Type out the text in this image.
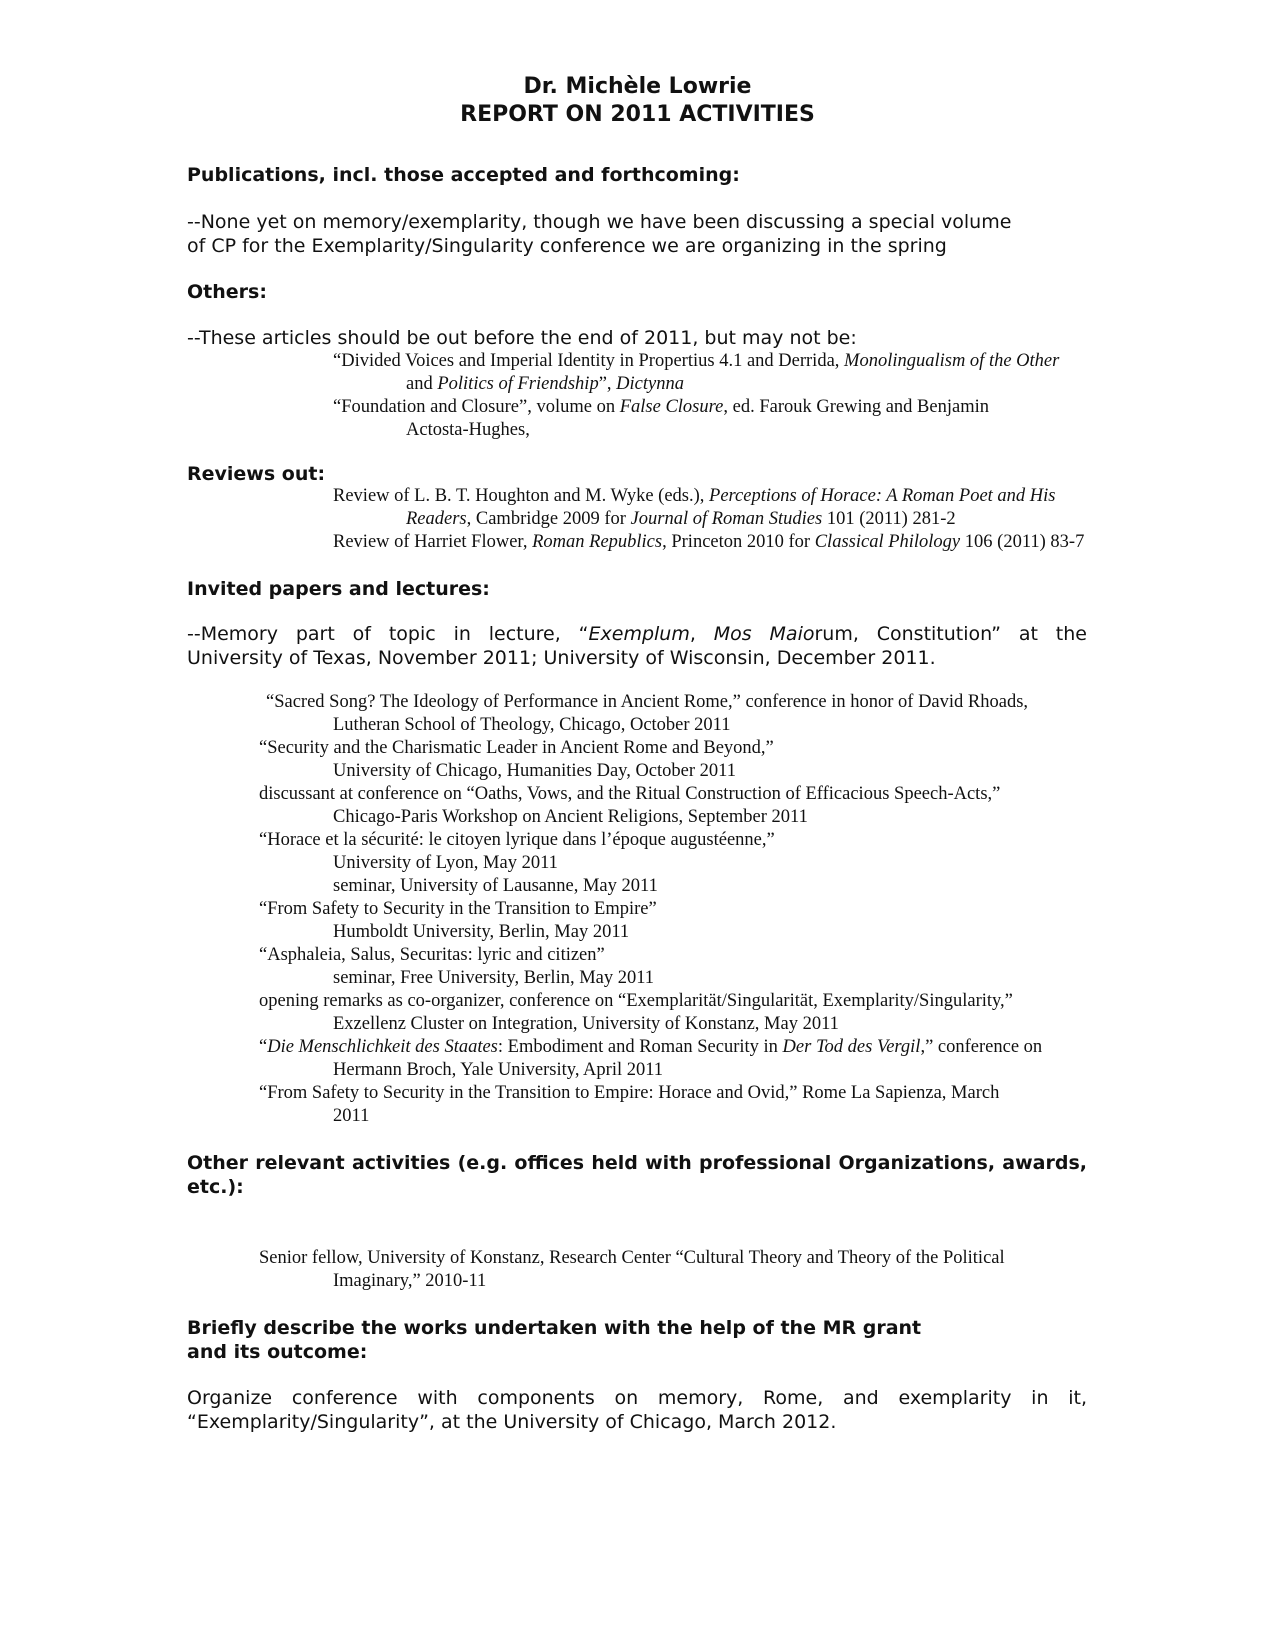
Dr. Michèle Lowrie
REPORT ON 2011 ACTIVITIES
Publications, incl. those accepted and forthcoming:
--None yet on memory/exemplarity, though we have been discussing a special volume
of CP for the Exemplarity/Singularity conference we are organizing in the spring
Others:
--These articles should be out before the end of 2011, but may not be:
“Divided Voices and Imperial Identity in Propertius 4.1 and Derrida, Monolingualism of the Other
and Politics of Friendship”, Dictynna
“Foundation and Closure”, volume on False Closure, ed. Farouk Grewing and Benjamin
Actosta-Hughes,
Reviews out:
Review of L. B. T. Houghton and M. Wyke (eds.), Perceptions of Horace: A Roman Poet and His
Readers, Cambridge 2009 for Journal of Roman Studies 101 (2011) 281-2
Review of Harriet Flower, Roman Republics, Princeton 2010 for Classical Philology 106 (2011) 83-7
Invited papers and lectures:
--Memory part of topic in lecture, “Exemplum, Mos Maiorum, Constitution” at the
University of Texas, November 2011; University of Wisconsin, December 2011.
“Sacred Song? The Ideology of Performance in Ancient Rome,” conference in honor of David Rhoads,
Lutheran School of Theology, Chicago, October 2011
“Security and the Charismatic Leader in Ancient Rome and Beyond,”
University of Chicago, Humanities Day, October 2011
discussant at conference on “Oaths, Vows, and the Ritual Construction of Efficacious Speech-Acts,”
Chicago-Paris Workshop on Ancient Religions, September 2011
“Horace et la sécurité: le citoyen lyrique dans l’époque augustéenne,”
University of Lyon, May 2011
seminar, University of Lausanne, May 2011
“From Safety to Security in the Transition to Empire”
Humboldt University, Berlin, May 2011
“Asphaleia, Salus, Securitas: lyric and citizen”
seminar, Free University, Berlin, May 2011
opening remarks as co-organizer, conference on “Exemplarität/Singularität, Exemplarity/Singularity,”
Exzellenz Cluster on Integration, University of Konstanz, May 2011
“Die Menschlichkeit des Staates: Embodiment and Roman Security in Der Tod des Vergil,” conference on
Hermann Broch, Yale University, April 2011
“From Safety to Security in the Transition to Empire: Horace and Ovid,” Rome La Sapienza, March
2011
Other relevant activities (e.g. offices held with professional Organizations, awards,
etc.):
Senior fellow, University of Konstanz, Research Center “Cultural Theory and Theory of the Political
Imaginary,” 2010-11
Briefly describe the works undertaken with the help of the MR grant
and its outcome:
Organize conference with components on memory, Rome, and exemplarity in it,
“Exemplarity/Singularity”, at the University of Chicago, March 2012.
